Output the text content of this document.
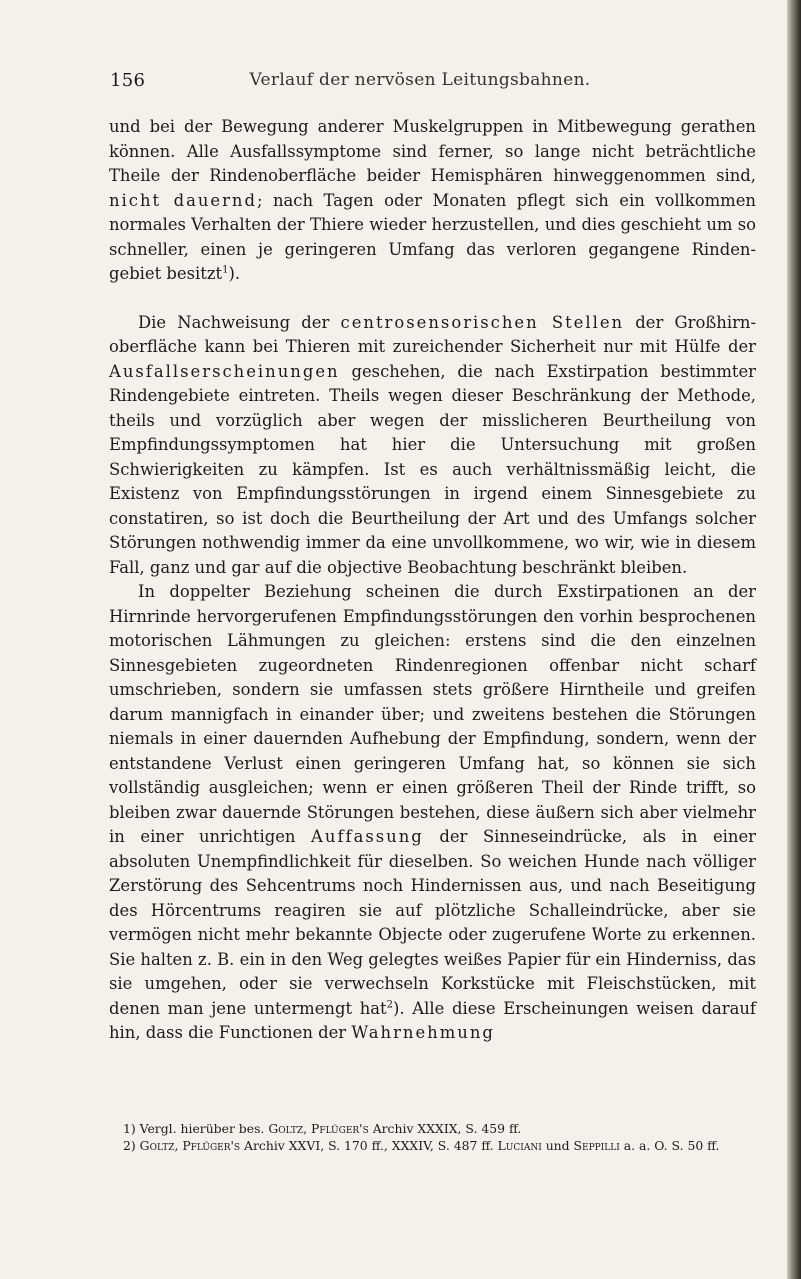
156	Verlauf der nervösen Leitungsbahnen.

und bei der Bewegung anderer Muskelgruppen in Mitbewegung gerathen können. Alle Ausfallssymptome sind ferner, so lange nicht beträchtliche Theile der Rindenoberfläche beider Hemisphären hinweggenommen sind, nicht dauernd; nach Tagen oder Monaten pflegt sich ein vollkommen normales Verhalten der Thiere wieder herzustellen, und dies geschieht um so schneller, einen je geringeren Umfang das verloren gegangene Rinden- gebiet besitzt$^1$).

Die Nachweisung der centrosensorischen Stellen der Großhirn-oberfläche kann bei Thieren mit zureichender Sicherheit nur mit Hülfe der Ausfallserscheinungen geschehen, die nach Exstirpation bestimmter Rindengebiete eintreten. Theils wegen dieser Beschränkung der Methode, theils und vorzüglich aber wegen der misslicheren Beurtheilung von Empfindungssymptomen hat hier die Untersuchung mit großen Schwierigkeiten zu kämpfen. Ist es auch verhältnissmäßig leicht, die Existenz von Empfindungsstörungen in irgend einem Sinnesgebiete zu constatiren, so ist doch die Beurtheilung der Art und des Umfangs solcher Störungen nothwendig immer da eine unvollkommene, wo wir, wie in diesem Fall, ganz und gar auf die objective Beobachtung beschränkt bleiben.

In doppelter Beziehung scheinen die durch Exstirpationen an der Hirnrinde hervorgerufenen Empfindungsstörungen den vorhin besprochenen motorischen Lähmungen zu gleichen: erstens sind die den einzelnen Sinnesgebieten zugeordneten Rindenregionen offenbar nicht scharf umschrieben, sondern sie umfassen stets größere Hirntheile und greifen darum mannigfach in einander über; und zweitens bestehen die Störungen niemals in einer dauernden Aufhebung der Empfindung, sondern, wenn der entstandene Verlust einen geringeren Umfang hat, so können sie sich vollständig ausgleichen; wenn er einen größeren Theil der Rinde trifft, so bleiben zwar dauernde Störungen bestehen, diese äußern sich aber vielmehr in einer unrichtigen Auffassung der Sinneseindrücke, als in einer absoluten Unempfindlichkeit für dieselben. So weichen Hunde nach völliger Zerstörung des Sehcentrums noch Hindernissen aus, und nach Beseitigung des Hörcentrums reagiren sie auf plötzliche Schalleindrücke, aber sie vermögen nicht mehr bekannte Objecte oder zugerufene Worte zu erkennen. Sie halten z. B. ein in den Weg gelegtes weißes Papier für ein Hinderniss, das sie umgehen, oder sie verwechseln Korkstücke mit Fleischstücken, mit denen man jene untermengt hat$^2$). Alle diese Erscheinungen weisen darauf hin, dass die Functionen der Wahrnehmung

1) Vergl. hierüber bes. Goltz, Pflüger's Archiv XXXIX, S. 459 ff.

2) Goltz, Pflüger's Archiv XXVI, S. 170 ff., XXXIV, S. 487 ff. Luciani und Seppilli a. a. O. S. 50 ff.
